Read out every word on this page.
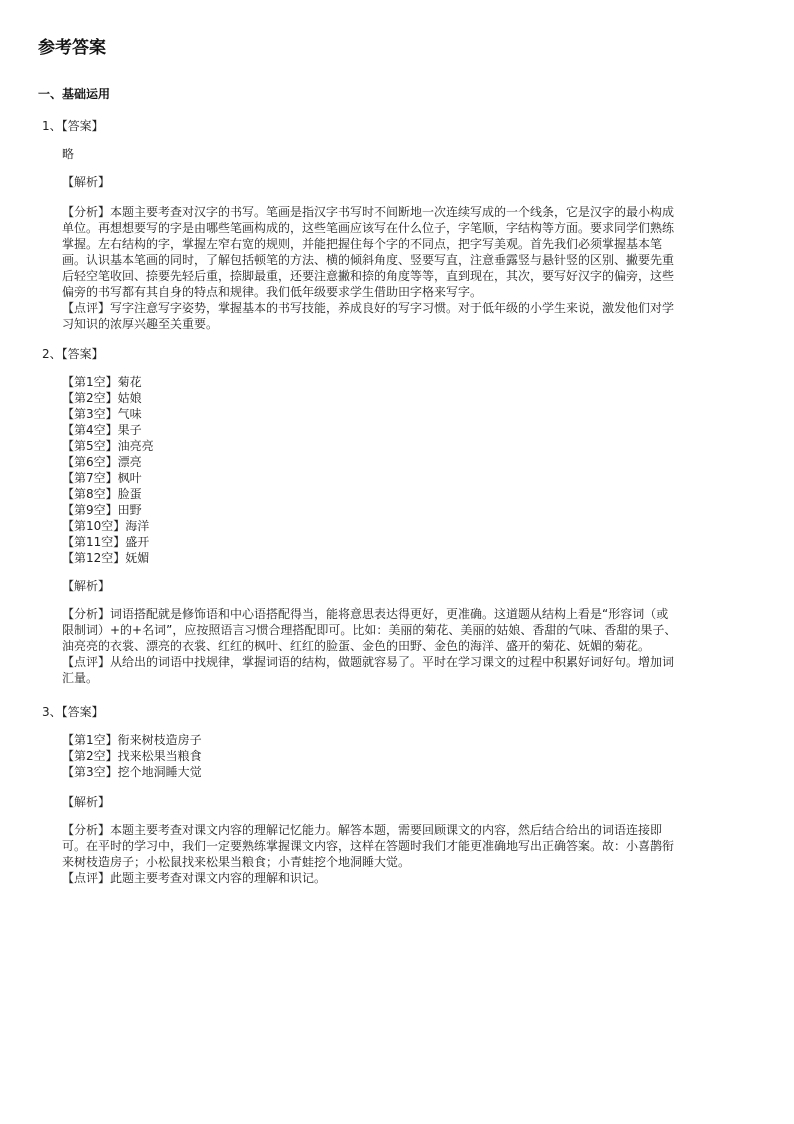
参考答案
一、基础运用
1、【答案】
略
【解析】
【分析】本题主要考查对汉字的书写。笔画是指汉字书写时不间断地一次连续写成的一个线条，它是汉字的最小构成
单位。再想想要写的字是由哪些笔画构成的，这些笔画应该写在什么位子，字笔顺，字结构等方面。要求同学们熟练
掌握。左右结构的字，掌握左窄右宽的规则，并能把握住每个字的不同点，把字写美观。首先我们必须掌握基本笔
画。认识基本笔画的同时，了解包括顿笔的方法、横的倾斜角度、竖要写直，注意垂露竖与悬针竖的区别、撇要先重
后轻空笔收回、捺要先轻后重，捺脚最重，还要注意撇和捺的角度等等，直到现在，其次，要写好汉字的偏旁，这些
偏旁的书写都有其自身的特点和规律。我们低年级要求学生借助田字格来写字。
【点评】写字注意写字姿势，掌握基本的书写技能，养成良好的写字习惯。对于低年级的小学生来说，激发他们对学
习知识的浓厚兴趣至关重要。
2、【答案】
【第1空】菊花
【第2空】姑娘
【第3空】气味
【第4空】果子
【第5空】油亮亮
【第6空】漂亮
【第7空】枫叶
【第8空】脸蛋
【第9空】田野
【第10空】海洋
【第11空】盛开
【第12空】妩媚
【解析】
【分析】词语搭配就是修饰语和中心语搭配得当，能将意思表达得更好，更准确。这道题从结构上看是“形容词（或
限制词）+的+名词”，应按照语言习惯合理搭配即可。比如：美丽的菊花、美丽的姑娘、香甜的气味、香甜的果子、
油亮亮的衣裳、漂亮的衣裳、红红的枫叶、红红的脸蛋、金色的田野、金色的海洋、盛开的菊花、妩媚的菊花。
【点评】从给出的词语中找规律，掌握词语的结构，做题就容易了。平时在学习课文的过程中积累好词好句。增加词
汇量。
3、【答案】
【第1空】衔来树枝造房子
【第2空】找来松果当粮食
【第3空】挖个地洞睡大觉
【解析】
【分析】本题主要考查对课文内容的理解记忆能力。解答本题，需要回顾课文的内容，然后结合给出的词语连接即
可。在平时的学习中，我们一定要熟练掌握课文内容，这样在答题时我们才能更准确地写出正确答案。故：小喜鹊衔
来树枝造房子；小松鼠找来松果当粮食；小青蛙挖个地洞睡大觉。
【点评】此题主要考查对课文内容的理解和识记。
